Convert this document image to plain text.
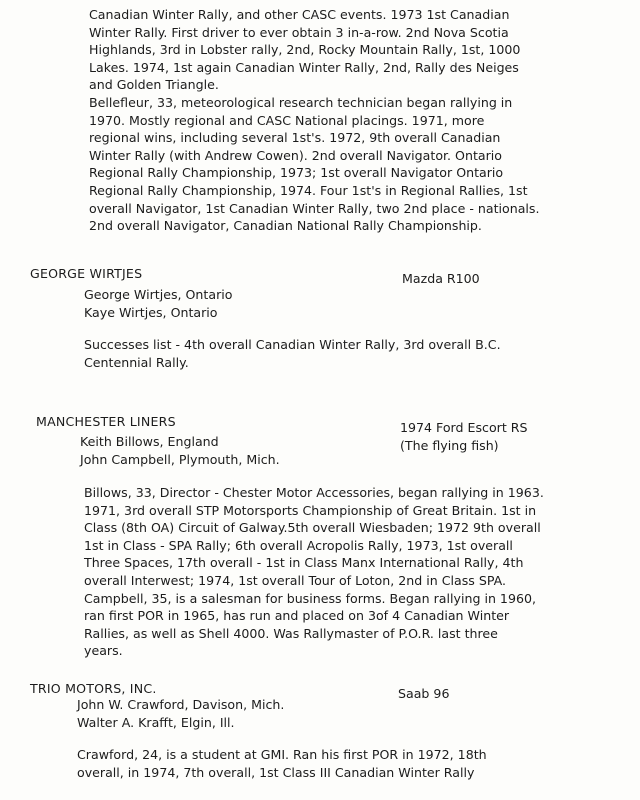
Canadian Winter Rally, and other CASC events. 1973 1st Canadian
Winter Rally. First driver to ever obtain 3 in-a-row. 2nd Nova Scotia
Highlands, 3rd in Lobster rally, 2nd, Rocky Mountain Rally, 1st, 1000
Lakes. 1974, 1st again Canadian Winter Rally, 2nd, Rally des Neiges
and Golden Triangle.
Bellefleur, 33, meteorological research technician began rallying in
1970. Mostly regional and CASC National placings. 1971, more
regional wins, including several 1st's. 1972, 9th overall Canadian
Winter Rally (with Andrew Cowen). 2nd overall Navigator. Ontario
Regional Rally Championship, 1973; 1st overall Navigator Ontario
Regional Rally Championship, 1974. Four 1st's in Regional Rallies, 1st
overall Navigator, 1st Canadian Winter Rally, two 2nd place - nationals.
2nd overall Navigator, Canadian National Rally Championship.
GEORGE WIRTJES	Mazda R100
George Wirtjes, Ontario
Kaye Wirtjes, Ontario
Successes list - 4th overall Canadian Winter Rally, 3rd overall B.C.
Centennial Rally.
MANCHESTER LINERS	1974 Ford Escort RS
(The flying fish)
Keith Billows, England
John Campbell, Plymouth, Mich.
Billows, 33, Director - Chester Motor Accessories, began rallying in 1963.
1971, 3rd overall STP Motorsports Championship of Great Britain. 1st in
Class (8th OA) Circuit of Galway.5th overall Wiesbaden; 1972 9th overall
1st in Class - SPA Rally; 6th overall Acropolis Rally, 1973, 1st overall
Three Spaces, 17th overall - 1st in Class Manx International Rally, 4th
overall Interwest; 1974, 1st overall Tour of Loton, 2nd in Class SPA.
Campbell, 35, is a salesman for business forms. Began rallying in 1960,
ran first POR in 1965, has run and placed on 3of 4 Canadian Winter
Rallies, as well as Shell 4000. Was Rallymaster of P.O.R. last three
years.
TRIO MOTORS, INC.	Saab 96
John W. Crawford, Davison, Mich.
Walter A. Krafft, Elgin, Ill.
Crawford, 24, is a student at GMI. Ran his first POR in 1972, 18th
overall, in 1974, 7th overall, 1st Class III Canadian Winter Rally
